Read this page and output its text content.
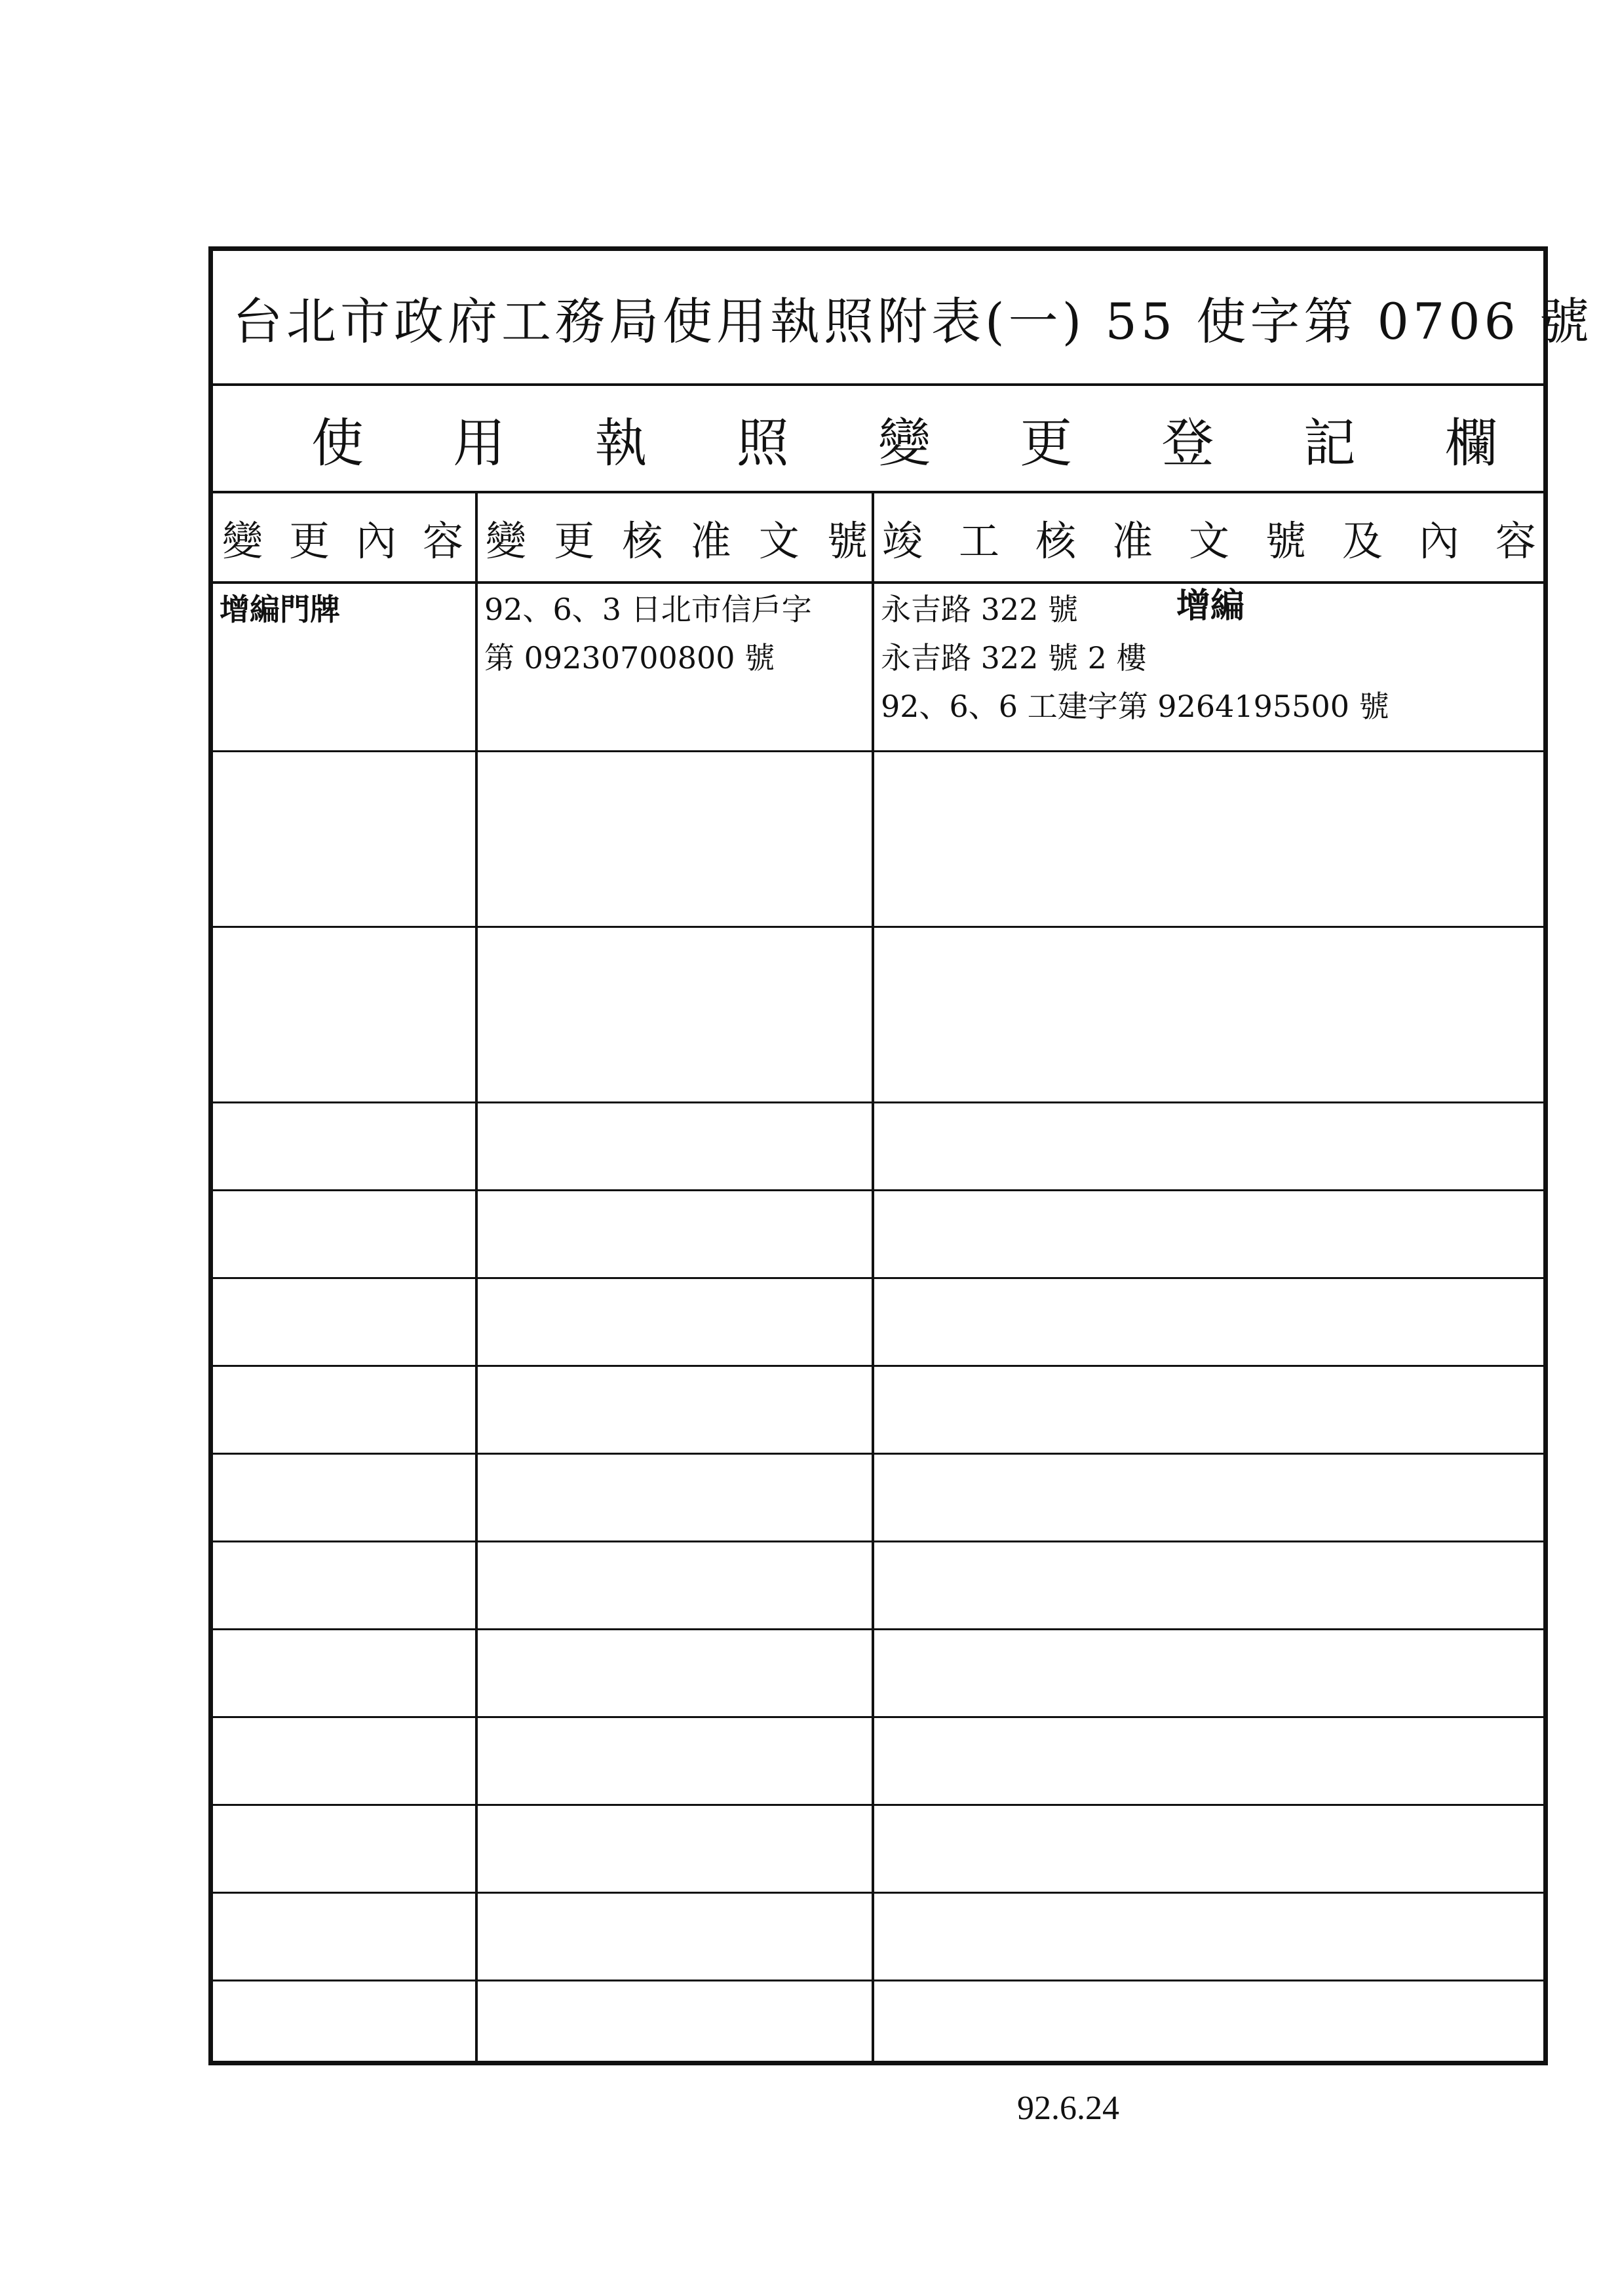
台北市政府工務局使用執照附表(一) 55 使字第 0706 號
使 用 執 照 變 更 登 記 欄
變 更 內 容 變 更 核 准 文 號 竣 工 核 准 文 號 及 內 容
增編門牌	92、6、3 日北市信戶字
第 09230700800 號
永吉路 322 號	增編
永吉路 322 號 2 樓
92、6、6 工建字第 9264195500 號
92.6.24
